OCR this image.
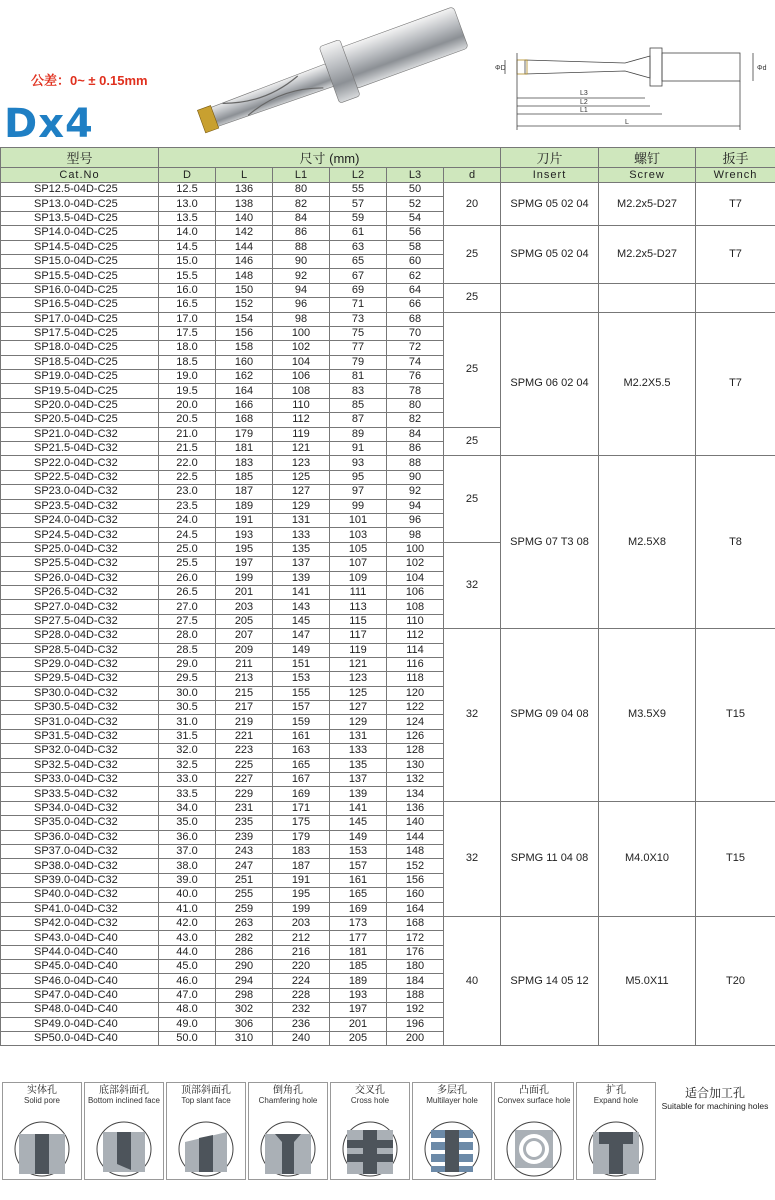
公差：0~ ± 0.15mm
Dx4
L3
L2
L1
L
ΦD	Φd
型号	尺寸 (mm)						刀片	螺钉	扳手
Cat.No	D	L	L1	L2	L3	d	Insert	Screw	Wrench
SP12.5-04D-C25	12.5	136	80	55	50	20	SPMG 05 02 04	M2.2x5-D27	T7
SP13.0-04D-C25	13.0	138	82	57	52				
SP13.5-04D-C25	13.5	140	84	59	54				
SP14.0-04D-C25	14.0	142	86	61	56	25	SPMG 05 02 04	M2.2x5-D27	T7
SP14.5-04D-C25	14.5	144	88	63	58				
SP15.0-04D-C25	15.0	146	90	65	60				
SP15.5-04D-C25	15.5	148	92	67	62				
SP16.0-04D-C25	16.0	150	94	69	64	25			
SP16.5-04D-C25	16.5	152	96	71	66				
SP17.0-04D-C25	17.0	154	98	73	68	25	SPMG 06 02 04	M2.2X5.5	T7
SP17.5-04D-C25	17.5	156	100	75	70				
SP18.0-04D-C25	18.0	158	102	77	72				
SP18.5-04D-C25	18.5	160	104	79	74				
SP19.0-04D-C25	19.0	162	106	81	76				
SP19.5-04D-C25	19.5	164	108	83	78				
SP20.0-04D-C25	20.0	166	110	85	80				
SP20.5-04D-C25	20.5	168	112	87	82				
SP21.0-04D-C32	21.0	179	119	89	84	25			
SP21.5-04D-C32	21.5	181	121	91	86				
SP22.0-04D-C32	22.0	183	123	93	88	25	SPMG 07 T3 08	M2.5X8	T8
SP22.5-04D-C32	22.5	185	125	95	90				
SP23.0-04D-C32	23.0	187	127	97	92				
SP23.5-04D-C32	23.5	189	129	99	94				
SP24.0-04D-C32	24.0	191	131	101	96				
SP24.5-04D-C32	24.5	193	133	103	98				
SP25.0-04D-C32	25.0	195	135	105	100	32			
SP25.5-04D-C32	25.5	197	137	107	102				
SP26.0-04D-C32	26.0	199	139	109	104				
SP26.5-04D-C32	26.5	201	141	111	106				
SP27.0-04D-C32	27.0	203	143	113	108				
SP27.5-04D-C32	27.5	205	145	115	110				
SP28.0-04D-C32	28.0	207	147	117	112	32	SPMG 09 04 08	M3.5X9	T15
SP28.5-04D-C32	28.5	209	149	119	114				
SP29.0-04D-C32	29.0	211	151	121	116				
SP29.5-04D-C32	29.5	213	153	123	118				
SP30.0-04D-C32	30.0	215	155	125	120				
SP30.5-04D-C32	30.5	217	157	127	122				
SP31.0-04D-C32	31.0	219	159	129	124				
SP31.5-04D-C32	31.5	221	161	131	126				
SP32.0-04D-C32	32.0	223	163	133	128				
SP32.5-04D-C32	32.5	225	165	135	130				
SP33.0-04D-C32	33.0	227	167	137	132				
SP33.5-04D-C32	33.5	229	169	139	134				
SP34.0-04D-C32	34.0	231	171	141	136	32	SPMG 11 04 08	M4.0X10	T15
SP35.0-04D-C32	35.0	235	175	145	140				
SP36.0-04D-C32	36.0	239	179	149	144				
SP37.0-04D-C32	37.0	243	183	153	148				
SP38.0-04D-C32	38.0	247	187	157	152				
SP39.0-04D-C32	39.0	251	191	161	156				
SP40.0-04D-C32	40.0	255	195	165	160				
SP41.0-04D-C32	41.0	259	199	169	164				
SP42.0-04D-C32	42.0	263	203	173	168	40	SPMG 14 05 12	M5.0X11	T20
SP43.0-04D-C40	43.0	282	212	177	172				
SP44.0-04D-C40	44.0	286	216	181	176				
SP45.0-04D-C40	45.0	290	220	185	180				
SP46.0-04D-C40	46.0	294	224	189	184				
SP47.0-04D-C40	47.0	298	228	193	188				
SP48.0-04D-C40	48.0	302	232	197	192				
SP49.0-04D-C40	49.0	306	236	201	196				
SP50.0-04D-C40	50.0	310	240	205	200				
实体孔
Solid pore
底部斜面孔
Bottom inclined face
顶部斜面孔
Top slant face
倒角孔
Chamfering hole
交叉孔
Cross hole
多层孔
Multilayer hole
凸面孔
Convex surface hole
扩孔
Expand hole
适合加工孔
Suitable for machining holes
